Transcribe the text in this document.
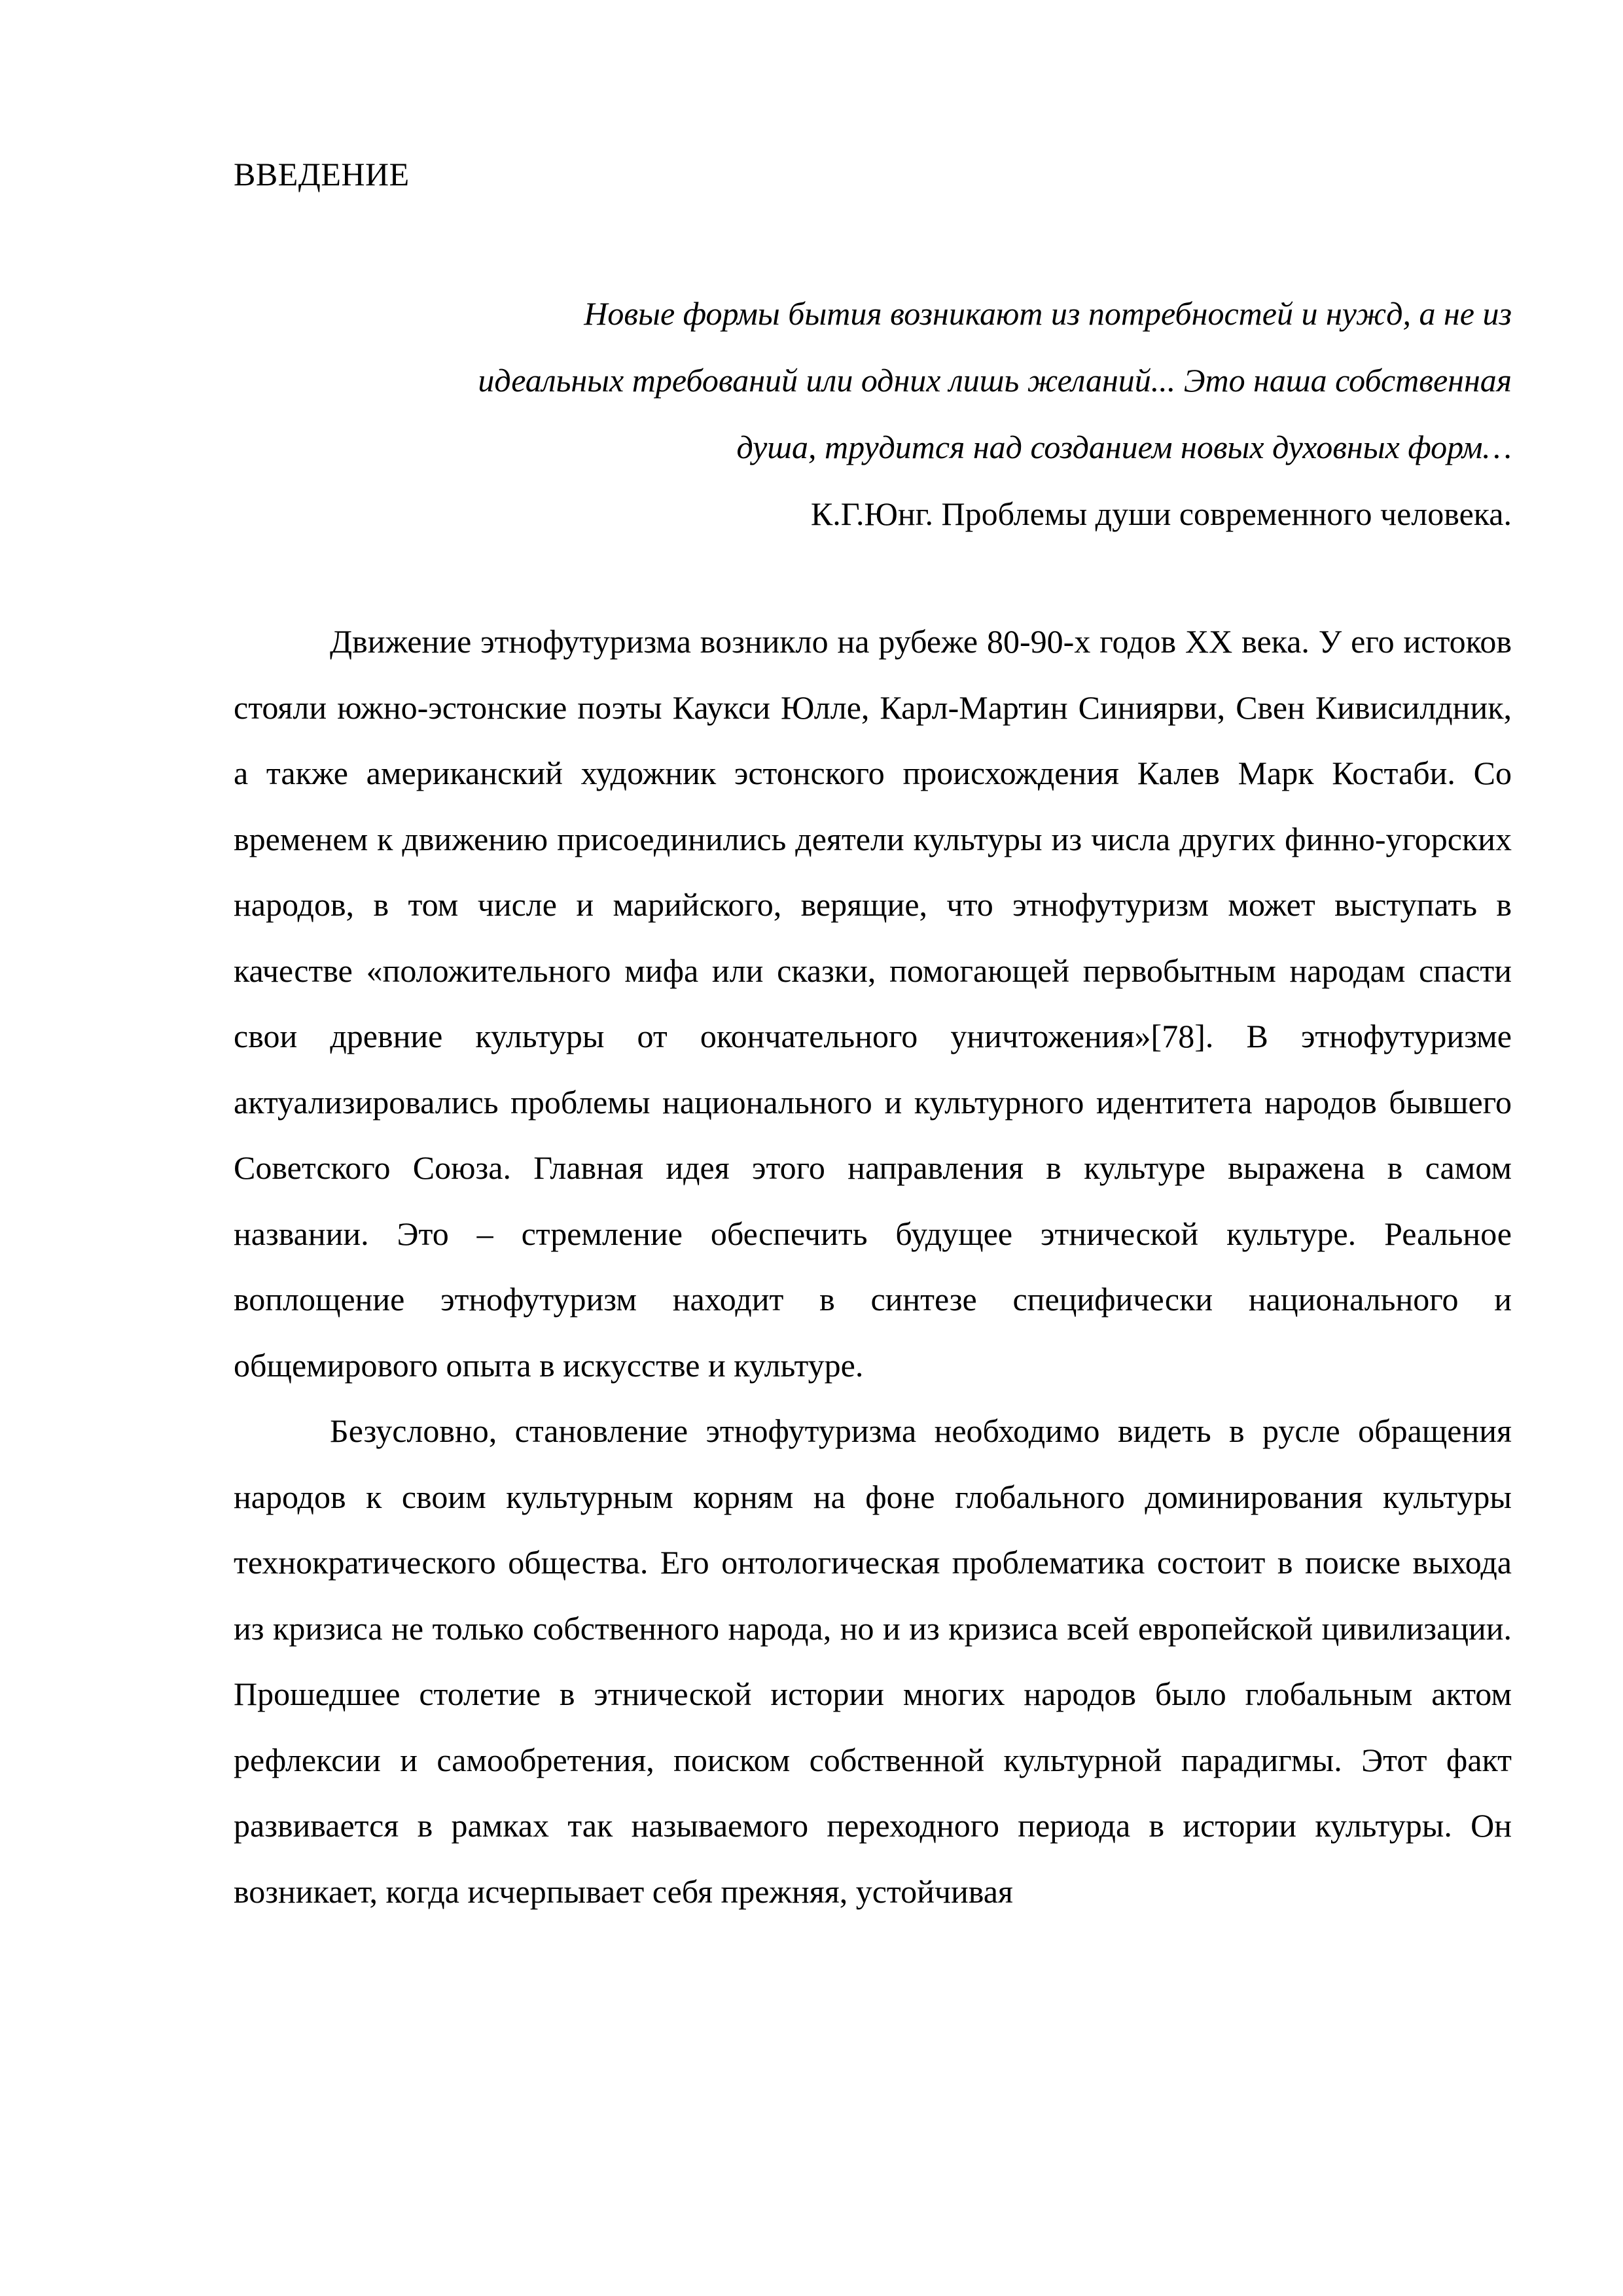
ВВЕДЕНИЕ
Новые формы бытия возникают из потребностей и нужд, а не из
идеальных требований или одних лишь желаний... Это наша собственная
душа, трудится над созданием новых духовных форм…
К.Г.Юнг. Проблемы души современного человека.

Движение этнофутуризма возникло на рубеже 80-90-х годов XX века. У его истоков стояли южно-эстонские поэты Каукси Юлле, Карл-Мартин Синиярви, Свен Кивисилдник, а также американский художник эстонского происхождения Калев Марк Костаби. Со временем к движению присоединились деятели культуры из числа других финно-угорских народов, в том числе и марийского, верящие, что этнофутуризм может выступать в качестве «положительного мифа или сказки, помогающей первобытным народам спасти свои древние культуры от окончательного уничтожения»[78]. В этнофутуризме актуализировались проблемы национального и культурного идентитета народов бывшего Советского Союза. Главная идея этого направления в культуре выражена в самом названии. Это – стремление обеспечить будущее этнической культуре. Реальное воплощение этнофутуризм находит в синтезе специфически национального и общемирового опыта в искусстве и культуре.

Безусловно, становление этнофутуризма необходимо видеть в русле обращения народов к своим культурным корням на фоне глобального доминирования культуры технократического общества. Его онтологическая проблематика состоит в поиске выхода из кризиса не только собственного народа, но и из кризиса всей европейской цивилизации. Прошедшее столетие в этнической истории многих народов было глобальным актом рефлексии и самообретения, поиском собственной культурной парадигмы. Этот факт развивается в рамках так называемого переходного периода в истории культуры. Он возникает, когда исчерпывает себя прежняя, устойчивая
